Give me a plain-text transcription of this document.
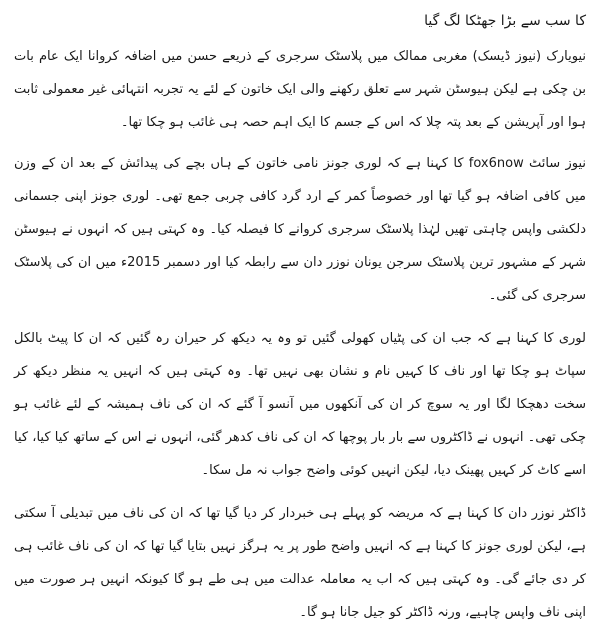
کا سب سے بڑا جھٹکا لگ گیا

نیویارک (نیوز ڈیسک) مغربی ممالک میں پلاسٹک سرجری کے ذریعے حسن میں اضافہ کروانا ایک عام بات بن چکی ہے لیکن ہیوسٹن شہر سے تعلق رکھنے والی ایک خاتون کے لئے یہ تجربہ انتہائی غیر معمولی ثابت ہوا اور آپریشن کے بعد پتہ چلا کہ اس کے جسم کا ایک اہم حصہ ہی غائب ہو چکا تھا۔

نیوز سائٹ fox6now کا کہنا ہے کہ لوری جونز نامی خاتون کے ہاں بچے کی پیدائش کے بعد ان کے وزن میں کافی اضافہ ہو گیا تھا اور خصوصاً کمر کے ارد گرد کافی چربی جمع تھی۔ لوری جونز اپنی جسمانی دلکشی واپس چاہتی تھیں لہٰذا پلاسٹک سرجری کروانے کا فیصلہ کیا۔ وہ کہتی ہیں کہ انہوں نے ہیوسٹن شہر کے مشہور ترین پلاسٹک سرجن یونان نوزر دان سے رابطہ کیا اور دسمبر 2015ء میں ان کی پلاسٹک سرجری کی گئی۔

لوری کا کہنا ہے کہ جب ان کی پٹیاں کھولی گئیں تو وہ یہ دیکھ کر حیران رہ گئیں کہ ان کا پیٹ بالکل سپاٹ ہو چکا تھا اور ناف کا کہیں نام و نشان بھی نہیں تھا۔ وہ کہتی ہیں کہ انہیں یہ منظر دیکھ کر سخت دھچکا لگا اور یہ سوچ کر ان کی آنکھوں میں آنسو آ گئے کہ ان کی ناف ہمیشہ کے لئے غائب ہو چکی تھی۔ انہوں نے ڈاکٹروں سے بار بار پوچھا کہ ان کی ناف کدھر گئی، انہوں نے اس کے ساتھ کیا کیا، کیا اسے کاٹ کر کہیں پھینک دیا، لیکن انہیں کوئی واضح جواب نہ مل سکا۔

ڈاکٹر نوزر دان کا کہنا ہے کہ مریضہ کو پہلے ہی خبردار کر دیا گیا تھا کہ ان کی ناف میں تبدیلی آ سکتی ہے، لیکن لوری جونز کا کہنا ہے کہ انہیں واضح طور پر یہ ہرگز نہیں بتایا گیا تھا کہ ان کی ناف غائب ہی کر دی جائے گی۔ وہ کہتی ہیں کہ اب یہ معاملہ عدالت میں ہی طے ہو گا کیونکہ انہیں ہر صورت میں اپنی ناف واپس چاہیے، ورنہ ڈاکٹر کو جیل جانا ہو گا۔
